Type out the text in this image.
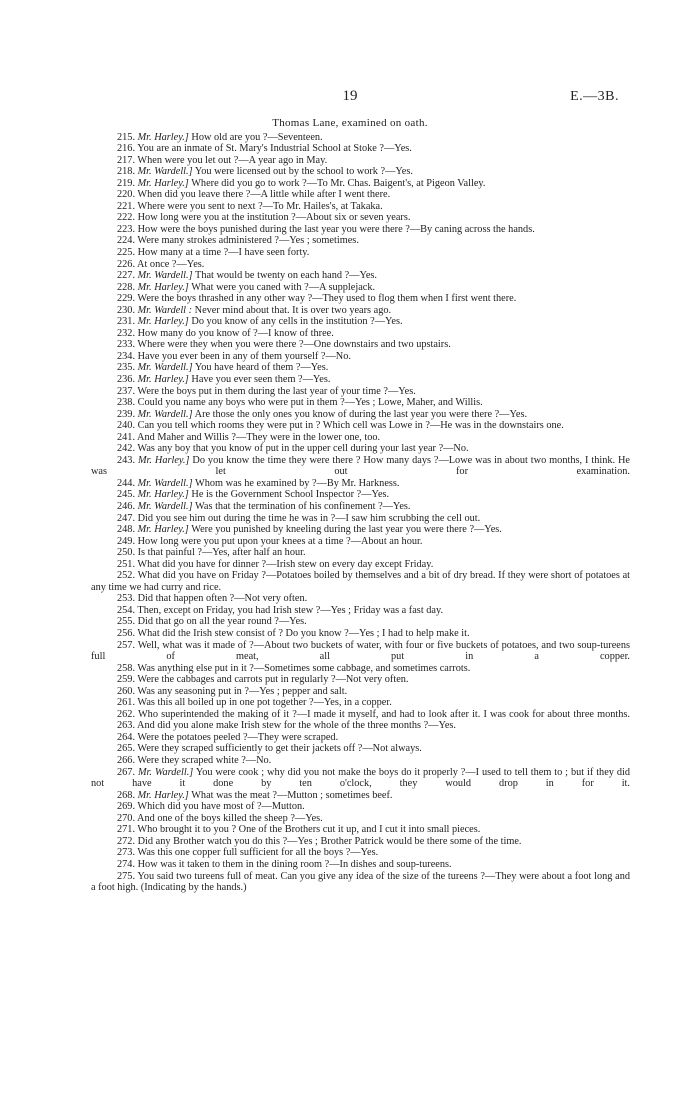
19	E.—3B.
Thomas Lane, examined on oath.
215. Mr. Harley.] How old are you ?—Seventeen.
216. You are an inmate of St. Mary's Industrial School at Stoke ?—Yes.
217. When were you let out ?—A year ago in May.
218. Mr. Wardell.] You were licensed out by the school to work ?—Yes.
219. Mr. Harley.] Where did you go to work ?—To Mr. Chas. Baigent's, at Pigeon Valley.
220. When did you leave there ?—A little while after I went there.
221. Where were you sent to next ?—To Mr. Hailes's, at Takaka.
222. How long were you at the institution ?—About six or seven years.
223. How were the boys punished during the last year you were there ?—By caning across the hands.
224. Were many strokes administered ?—Yes ; sometimes.
225. How many at a time ?—I have seen forty.
226. At once ?—Yes.
227. Mr. Wardell.] That would be twenty on each hand ?—Yes.
228. Mr. Harley.] What were you caned with ?—A supplejack.
229. Were the boys thrashed in any other way ?—They used to flog them when I first went there.
230. Mr. Wardell : Never mind about that. It is over two years ago.
231. Mr. Harley.] Do you know of any cells in the institution ?—Yes.
232. How many do you know of ?—I know of three.
233. Where were they when you were there ?—One downstairs and two upstairs.
234. Have you ever been in any of them yourself ?—No.
235. Mr. Wardell.] You have heard of them ?—Yes.
236. Mr. Harley.] Have you ever seen them ?—Yes.
237. Were the boys put in them during the last year of your time ?—Yes.
238. Could you name any boys who were put in them ?—Yes ; Lowe, Maher, and Willis.
239. Mr. Wardell.] Are those the only ones you know of during the last year you were there ?—Yes.
240. Can you tell which rooms they were put in ? Which cell was Lowe in ?—He was in the downstairs one.
241. And Maher and Willis ?—They were in the lower one, too.
242. Was any boy that you know of put in the upper cell during your last year ?—No.
243. Mr. Harley.] Do you know the time they were there ? How many days ?—Lowe was in about two months, I think. He was let out for examination.
244. Mr. Wardell.] Whom was he examined by ?—By Mr. Harkness.
245. Mr. Harley.] He is the Government School Inspector ?—Yes.
246. Mr. Wardell.] Was that the termination of his confinement ?—Yes.
247. Did you see him out during the time he was in ?—I saw him scrubbing the cell out.
248. Mr. Harley.] Were you punished by kneeling during the last year you were there ?—Yes.
249. How long were you put upon your knees at a time ?—About an hour.
250. Is that painful ?—Yes, after half an hour.
251. What did you have for dinner ?—Irish stew on every day except Friday.
252. What did you have on Friday ?—Potatoes boiled by themselves and a bit of dry bread. If they were short of potatoes at any time we had curry and rice.
253. Did that happen often ?—Not very often.
254. Then, except on Friday, you had Irish stew ?—Yes ; Friday was a fast day.
255. Did that go on all the year round ?—Yes.
256. What did the Irish stew consist of ? Do you know ?—Yes ; I had to help make it.
257. Well, what was it made of ?—About two buckets of water, with four or five buckets of potatoes, and two soup-tureens full of meat, all put in a copper.
258. Was anything else put in it ?—Sometimes some cabbage, and sometimes carrots.
259. Were the cabbages and carrots put in regularly ?—Not very often.
260. Was any seasoning put in ?—Yes ; pepper and salt.
261. Was this all boiled up in one pot together ?—Yes, in a copper.
262. Who superintended the making of it ?—I made it myself, and had to look after it. I was cook for about three months.
263. And did you alone make Irish stew for the whole of the three months ?—Yes.
264. Were the potatoes peeled ?—They were scraped.
265. Were they scraped sufficiently to get their jackets off ?—Not always.
266. Were they scraped white ?—No.
267. Mr. Wardell.] You were cook ; why did you not make the boys do it properly ?—I used to tell them to ; but if they did not have it done by ten o'clock, they would drop in for it.
268. Mr. Harley.] What was the meat ?—Mutton ; sometimes beef.
269. Which did you have most of ?—Mutton.
270. And one of the boys killed the sheep ?—Yes.
271. Who brought it to you ? One of the Brothers cut it up, and I cut it into small pieces.
272. Did any Brother watch you do this ?—Yes ; Brother Patrick would be there some of the time.
273. Was this one copper full sufficient for all the boys ?—Yes.
274. How was it taken to them in the dining room ?—In dishes and soup-tureens.
275. You said two tureens full of meat. Can you give any idea of the size of the tureens ?—They were about a foot long and a foot high. (Indicating by the hands.)
